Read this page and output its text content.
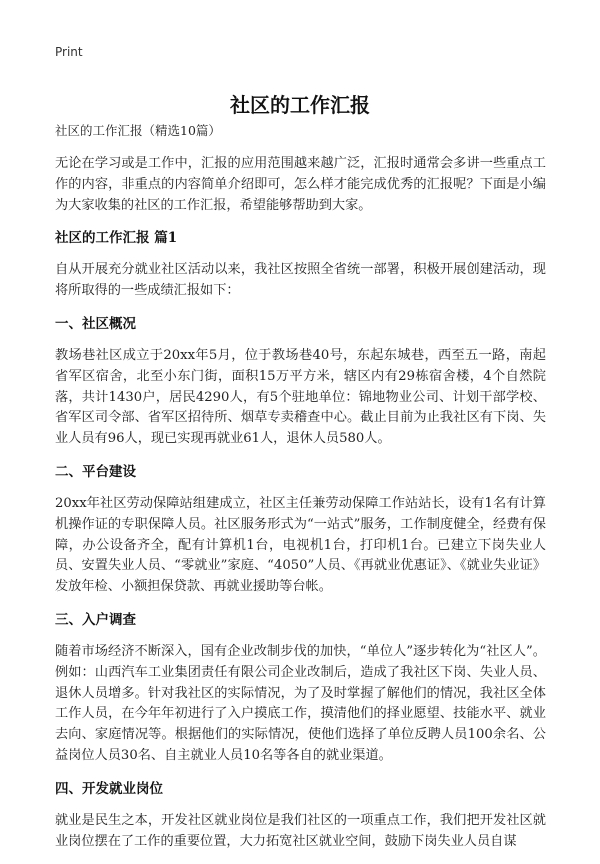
Print
社区的工作汇报
社区的工作汇报（精选10篇）

无论在学习或是工作中，汇报的应用范围越来越广泛，汇报时通常会多讲一些重点工作的内容，非重点的内容简单介绍即可，怎么样才能完成优秀的汇报呢？下面是小编为大家收集的社区的工作汇报，希望能够帮助到大家。

社区的工作汇报 篇1

自从开展充分就业社区活动以来，我社区按照全省统一部署，积极开展创建活动，现将所取得的一些成绩汇报如下：

一、社区概况

教场巷社区成立于20xx年5月，位于教场巷40号，东起东城巷，西至五一路，南起省军区宿舍，北至小东门街，面积15万平方米，辖区内有29栋宿舍楼，4个自然院落，共计1430户，居民4290人，有5个驻地单位：锦地物业公司、计划干部学校、省军区司令部、省军区招待所、烟草专卖稽查中心。截止目前为止我社区有下岗、失业人员有96人，现已实现再就业61人，退休人员580人。

二、平台建设

20xx年社区劳动保障站组建成立，社区主任兼劳动保障工作站站长，设有1名有计算机操作证的专职保障人员。社区服务形式为“一站式”服务，工作制度健全，经费有保障，办公设备齐全，配有计算机1台，电视机1台，打印机1台。已建立下岗失业人员、安置失业人员、“零就业”家庭、“4050”人员、《再就业优惠证》、《就业失业证》发放年检、小额担保贷款、再就业援助等台帐。

三、入户调查

随着市场经济不断深入，国有企业改制步伐的加快，“单位人”逐步转化为“社区人”。例如：山西汽车工业集团责任有限公司企业改制后，造成了我社区下岗、失业人员、退休人员增多。针对我社区的实际情况，为了及时掌握了解他们的情况，我社区全体工作人员，在今年年初进行了入户摸底工作，摸清他们的择业愿望、技能水平、就业去向、家庭情况等。根据他们的实际情况，使他们选择了单位反聘人员100余名、公益岗位人员30名、自主就业人员10名等各自的就业渠道。

四、开发就业岗位

就业是民生之本，开发社区就业岗位是我们社区的一项重点工作，我们把开发社区就业岗位摆在了工作的重要位置，大力拓宽社区就业空间，鼓励下岗失业人员自谋
